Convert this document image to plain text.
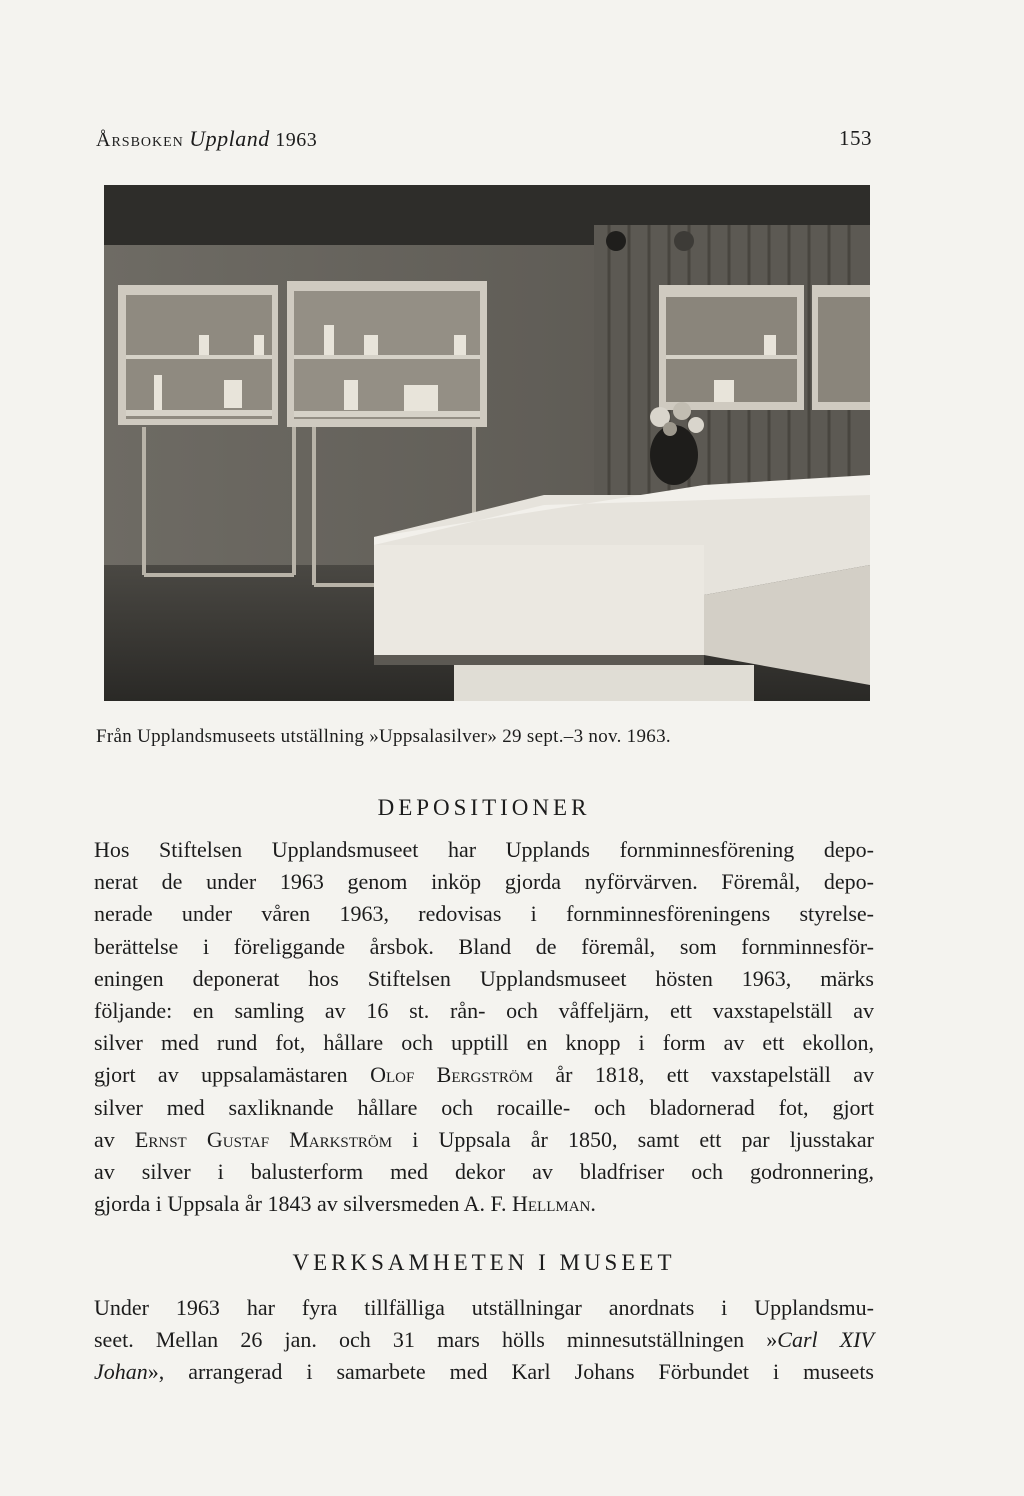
Årsboken Uppland 1963	153
Från Upplandsmuseets utställning »Uppsalasilver» 29 sept.–3 nov. 1963.
DEPOSITIONER
Hos Stiftelsen Upplandsmuseet har Upplands fornminnesförening depo-
nerat de under 1963 genom inköp gjorda nyförvärven. Föremål, depo-
nerade under våren 1963, redovisas i fornminnesföreningens styrelse-
berättelse i föreliggande årsbok. Bland de föremål, som fornminnesför-
eningen deponerat hos Stiftelsen Upplandsmuseet hösten 1963, märks
följande: en samling av 16 st. rån- och våffeljärn, ett vaxstapelställ av
silver med rund fot, hållare och upptill en knopp i form av ett ekollon,
gjort av uppsalamästaren Olof Bergström år 1818, ett vaxstapelställ av
silver med saxliknande hållare och rocaille- och bladornerad fot, gjort
av Ernst Gustaf Markström i Uppsala år 1850, samt ett par ljusstakar
av silver i balusterform med dekor av bladfriser och godronnering,
gjorda i Uppsala år 1843 av silversmeden A. F. Hellman.
VERKSAMHETEN I MUSEET
Under 1963 har fyra tillfälliga utställningar anordnats i Upplandsmu-
seet. Mellan 26 jan. och 31 mars hölls minnesutställningen »Carl XIV
Johan», arrangerad i samarbete med Karl Johans Förbundet i museets
